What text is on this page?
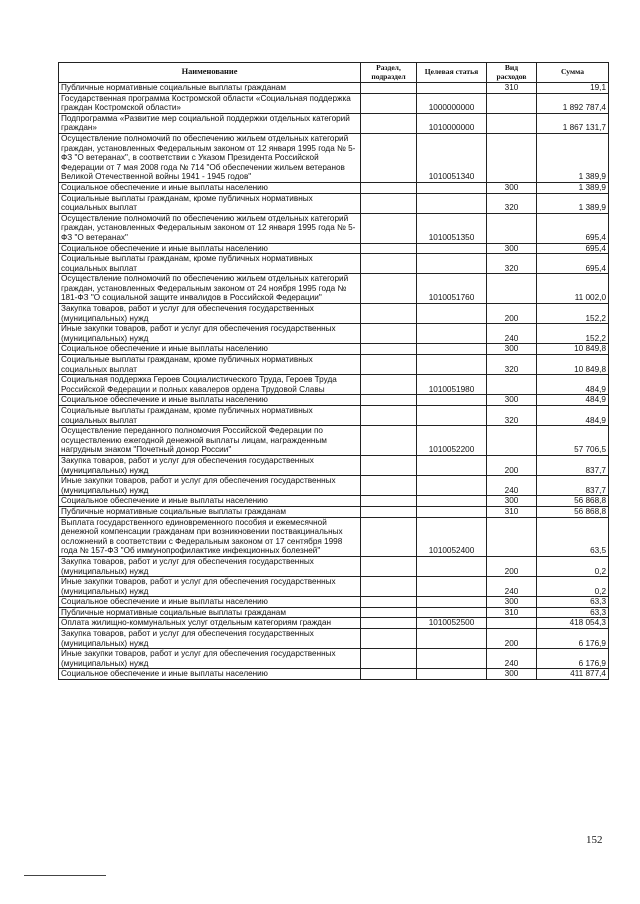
Наименование	Раздел, подраздел	Целевая статья	Вид расходов	Сумма
Публичные нормативные социальные выплаты гражданам			310	19,1
Государственная программа Костромской области «Социальная поддержка граждан Костромской области»		1000000000		1 892 787,4
Подпрограмма «Развитие мер социальной поддержки отдельных категорий граждан»		1010000000		1 867 131,7
Осуществление полномочий по обеспечению жильем отдельных категорий граждан, установленных Федеральным законом от 12 января 1995 года № 5-ФЗ "О ветеранах", в соответствии с Указом Президента Российской Федерации от 7 мая 2008 года № 714 "Об обеспечении жильем ветеранов Великой Отечественной войны 1941 - 1945 годов"		1010051340		1 389,9
Социальное обеспечение и иные выплаты населению			300	1 389,9
Социальные выплаты гражданам, кроме публичных нормативных социальных выплат			320	1 389,9
Осуществление полномочий по обеспечению жильем отдельных категорий граждан, установленных Федеральным законом от 12 января 1995 года № 5-ФЗ "О ветеранах"		1010051350		695,4
Социальное обеспечение и иные выплаты населению			300	695,4
Социальные выплаты гражданам, кроме публичных нормативных социальных выплат			320	695,4
Осуществление полномочий по обеспечению жильем отдельных категорий граждан, установленных Федеральным законом от 24 ноября 1995 года № 181-ФЗ "О социальной защите инвалидов в Российской Федерации"		1010051760		11 002,0
Закупка товаров, работ и услуг для обеспечения государственных (муниципальных) нужд			200	152,2
Иные закупки товаров, работ и услуг для обеспечения государственных (муниципальных) нужд			240	152,2
Социальное обеспечение и иные выплаты населению			300	10 849,8
Социальные выплаты гражданам, кроме публичных нормативных социальных выплат			320	10 849,8
Социальная поддержка Героев Социалистического Труда, Героев Труда Российской Федерации и полных кавалеров ордена Трудовой Славы		1010051980		484,9
Социальное обеспечение и иные выплаты населению			300	484,9
Социальные выплаты гражданам, кроме публичных нормативных социальных выплат			320	484,9
Осуществление переданного полномочия Российской Федерации по осуществлению ежегодной денежной выплаты лицам, награжденным нагрудным знаком "Почетный донор России"		1010052200		57 706,5
Закупка товаров, работ и услуг для обеспечения государственных (муниципальных) нужд			200	837,7
Иные закупки товаров, работ и услуг для обеспечения государственных (муниципальных) нужд			240	837,7
Социальное обеспечение и иные выплаты населению			300	56 868,8
Публичные нормативные социальные выплаты гражданам			310	56 868,8
Выплата государственного единовременного пособия и ежемесячной денежной компенсации гражданам при возникновении поствакцинальных осложнений в соответствии с Федеральным законом от 17 сентября 1998 года № 157-ФЗ "Об иммунопрофилактике инфекционных болезней"		1010052400		63,5
Закупка товаров, работ и услуг для обеспечения государственных (муниципальных) нужд			200	0,2
Иные закупки товаров, работ и услуг для обеспечения государственных (муниципальных) нужд			240	0,2
Социальное обеспечение и иные выплаты населению			300	63,3
Публичные нормативные социальные выплаты гражданам			310	63,3
Оплата жилищно-коммунальных услуг отдельным категориям граждан		1010052500		418 054,3
Закупка товаров, работ и услуг для обеспечения государственных (муниципальных) нужд			200	6 176,9
Иные закупки товаров, работ и услуг для обеспечения государственных (муниципальных) нужд			240	6 176,9
Социальное обеспечение и иные выплаты населению			300	411 877,4
152
